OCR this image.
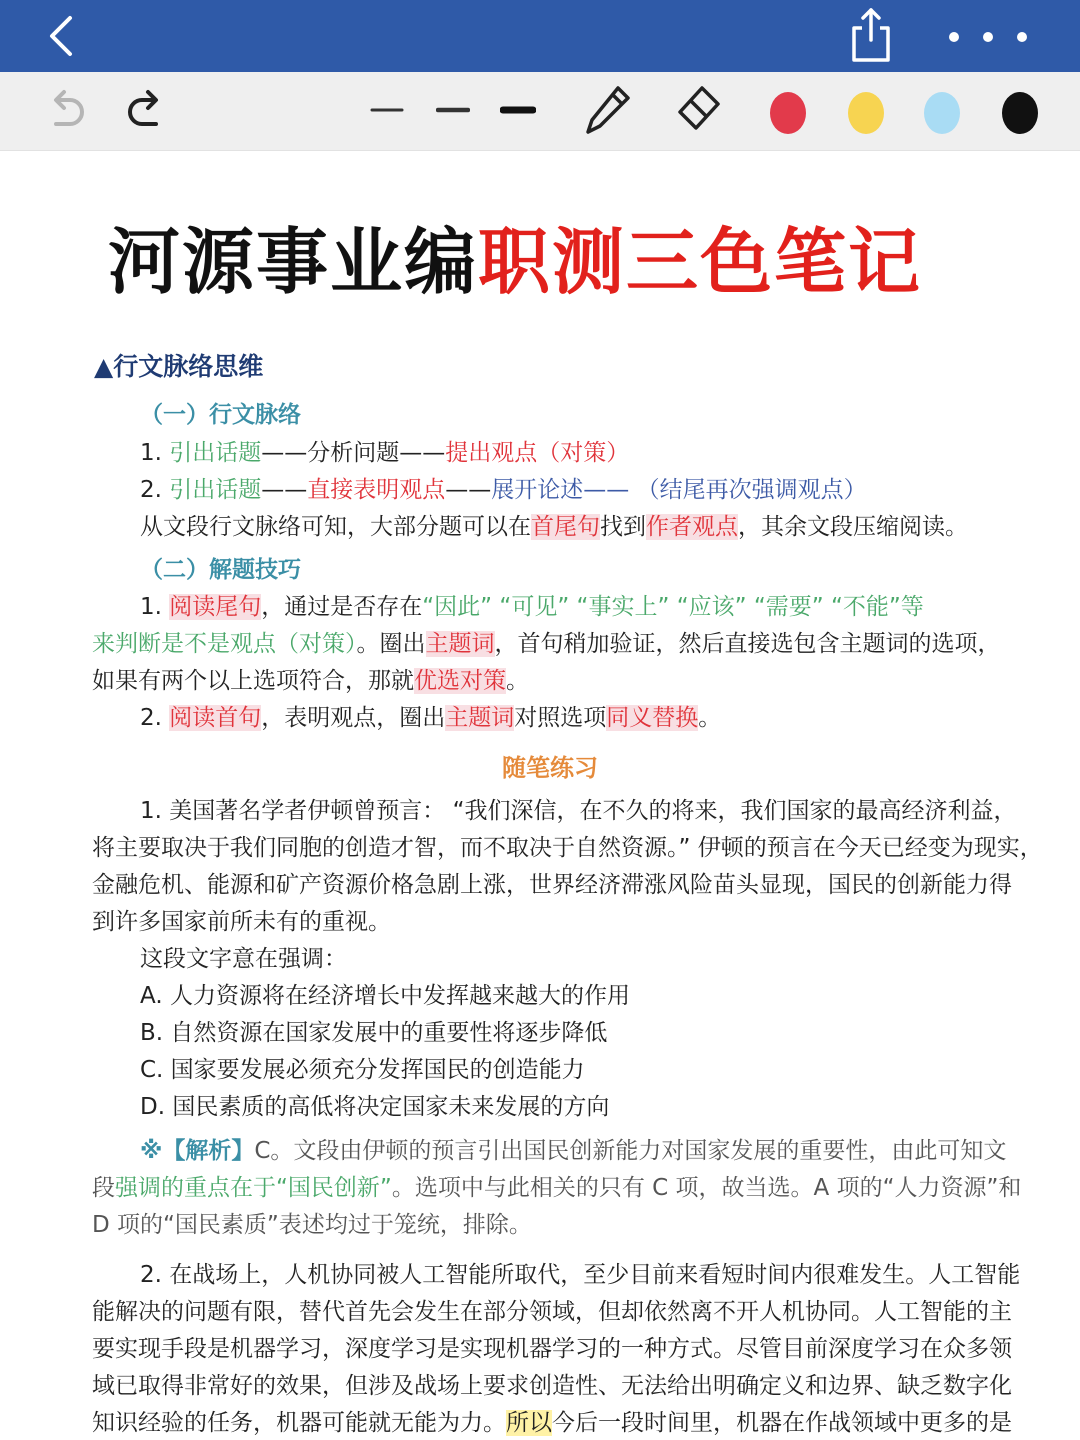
河源事业编职测三色笔记
▲行文脉络思维
（一）行文脉络
1. 引出话题——分析问题——提出观点（对策）
2. 引出话题——直接表明观点——展开论述—— （结尾再次强调观点）
从文段行文脉络可知，大部分题可以在首尾句找到作者观点，其余文段压缩阅读。
（二）解题技巧
1. 阅读尾句，通过是否存在“因此” “可见” “事实上” “应该” “需要” “不能”等
来判断是不是观点（对策）。圈出主题词，首句稍加验证，然后直接选包含主题词的选项，
如果有两个以上选项符合，那就优选对策。
2. 阅读首句，表明观点，圈出主题词对照选项同义替换。
随笔练习
1. 美国著名学者伊顿曾预言： “我们深信，在不久的将来，我们国家的最高经济利益，
将主要取决于我们同胞的创造才智，而不取决于自然资源。” 伊顿的预言在今天已经变为现实，
金融危机、能源和矿产资源价格急剧上涨，世界经济滞涨风险苗头显现，国民的创新能力得
到许多国家前所未有的重视。
这段文字意在强调：
A. 人力资源将在经济增长中发挥越来越大的作用
B. 自然资源在国家发展中的重要性将逐步降低
C. 国家要发展必须充分发挥国民的创造能力
D. 国民素质的高低将决定国家未来发展的方向
※【解析】C。文段由伊顿的预言引出国民创新能力对国家发展的重要性，由此可知文
段强调的重点在于“国民创新”。选项中与此相关的只有 C 项，故当选。A 项的“人力资源”和
D 项的“国民素质”表述均过于笼统，排除。
2. 在战场上，人机协同被人工智能所取代，至少目前来看短时间内很难发生。人工智能
能解决的问题有限，替代首先会发生在部分领域，但却依然离不开人机协同。人工智能的主
要实现手段是机器学习，深度学习是实现机器学习的一种方式。尽管目前深度学习在众多领
域已取得非常好的效果，但涉及战场上要求创造性、无法给出明确定义和边界、缺乏数字化
知识经验的任务，机器可能就无能为力。所以今后一段时间里，机器在作战领域中更多的是
